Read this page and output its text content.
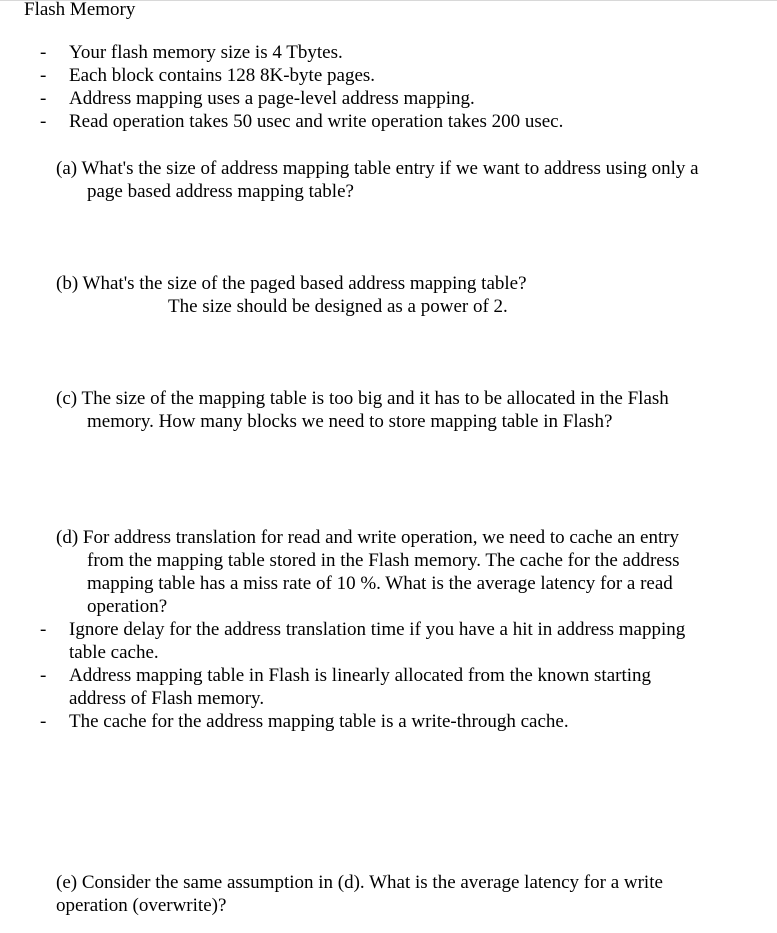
Flash Memory
- Your flash memory size is 4 Tbytes.
- Each block contains 128 8K-byte pages.
- Address mapping uses a page-level address mapping.
- Read operation takes 50 usec and write operation takes 200 usec.
(a) What's the size of address mapping table entry if we want to address using only a
page based address mapping table?
(b) What's the size of the paged based address mapping table?
The size should be designed as a power of 2.
(c) The size of the mapping table is too big and it has to be allocated in the Flash
memory. How many blocks we need to store mapping table in Flash?
(d) For address translation for read and write operation, we need to cache an entry
from the mapping table stored in the Flash memory. The cache for the address
mapping table has a miss rate of 10 %. What is the average latency for a read
operation?
- Ignore delay for the address translation time if you have a hit in address mapping
table cache.
- Address mapping table in Flash is linearly allocated from the known starting
address of Flash memory.
- The cache for the address mapping table is a write-through cache.
(e) Consider the same assumption in (d). What is the average latency for a write
operation (overwrite)?
